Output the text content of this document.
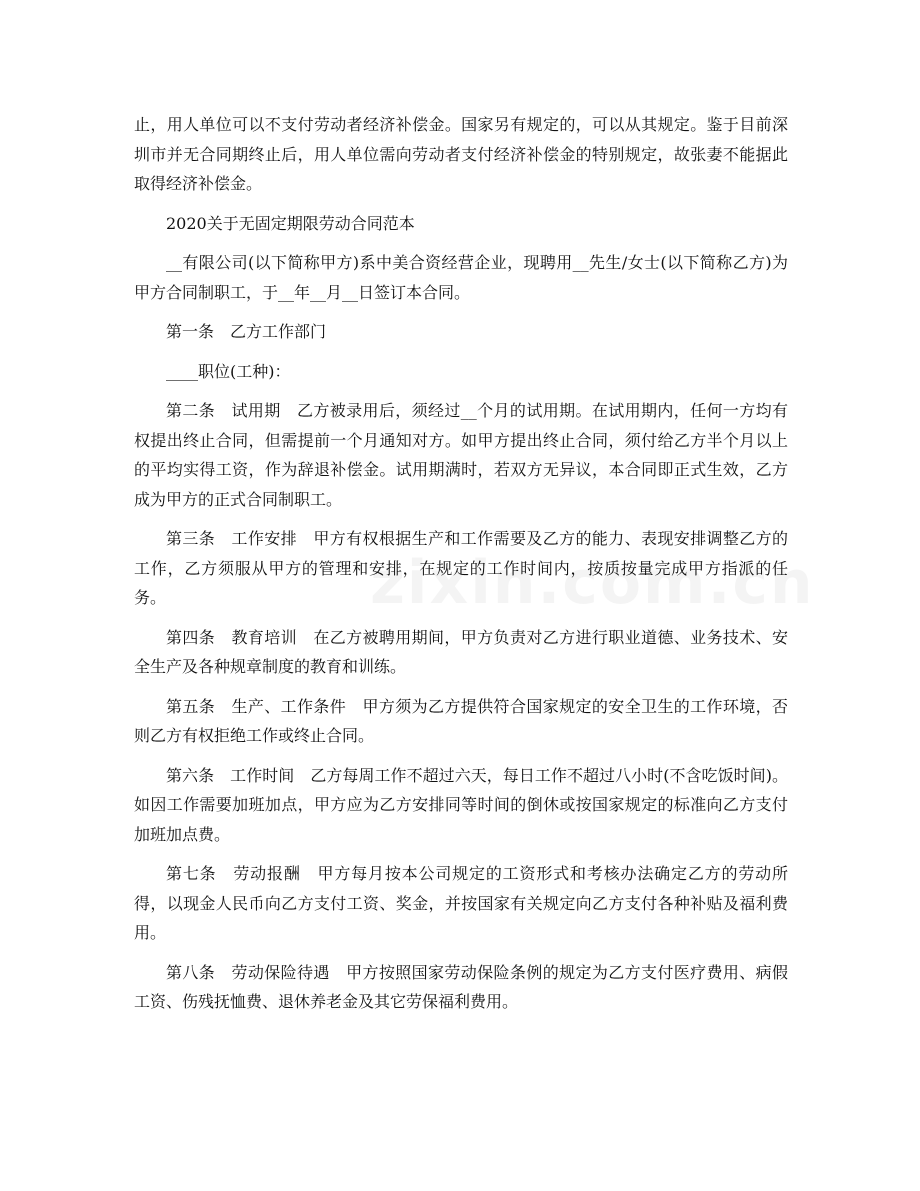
止，用人单位可以不支付劳动者经济补偿金。国家另有规定的，可以从其规定。鉴于目前深圳市并无合同期终止后，用人单位需向劳动者支付经济补偿金的特别规定，故张妻不能据此取得经济补偿金。

2020关于无固定期限劳动合同范本

__有限公司(以下简称甲方)系中美合资经营企业，现聘用__先生/女士(以下简称乙方)为甲方合同制职工，于__年__月__日签订本合同。

第一条　乙方工作部门

____职位(工种)：

第二条　试用期　乙方被录用后，须经过__个月的试用期。在试用期内，任何一方均有权提出终止合同，但需提前一个月通知对方。如甲方提出终止合同，须付给乙方半个月以上的平均实得工资，作为辞退补偿金。试用期满时，若双方无异议，本合同即正式生效，乙方成为甲方的正式合同制职工。

第三条　工作安排　甲方有权根据生产和工作需要及乙方的能力、表现安排调整乙方的工作，乙方须服从甲方的管理和安排，在规定的工作时间内，按质按量完成甲方指派的任务。

第四条　教育培训　在乙方被聘用期间，甲方负责对乙方进行职业道德、业务技术、安全生产及各种规章制度的教育和训练。

第五条　生产、工作条件　甲方须为乙方提供符合国家规定的安全卫生的工作环境，否则乙方有权拒绝工作或终止合同。

第六条　工作时间　乙方每周工作不超过六天，每日工作不超过八小时(不含吃饭时间)。如因工作需要加班加点，甲方应为乙方安排同等时间的倒休或按国家规定的标准向乙方支付加班加点费。

第七条　劳动报酬　甲方每月按本公司规定的工资形式和考核办法确定乙方的劳动所得，以现金人民币向乙方支付工资、奖金，并按国家有关规定向乙方支付各种补贴及福利费用。

第八条　劳动保险待遇　甲方按照国家劳动保险条例的规定为乙方支付医疗费用、病假工资、伤残抚恤费、退休养老金及其它劳保福利费用。
